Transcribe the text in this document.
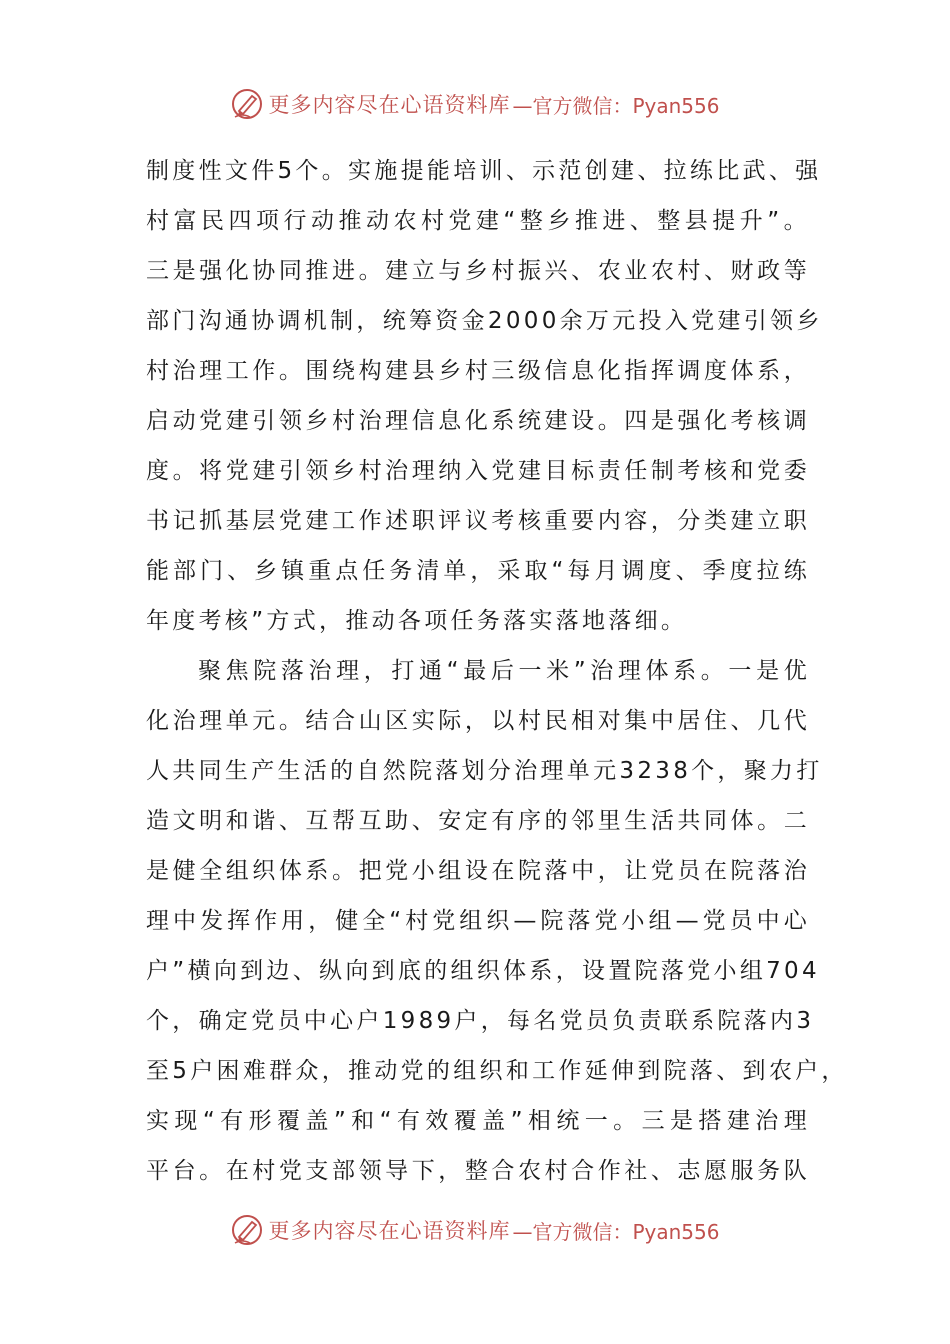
更多内容尽在心语资料库 —官方微信：Pyan556
制度性文件5个。实施提能培训、示范创建、拉练比武、强
村富民四项行动推动农村党建“整乡推进、整县提升”。
三是强化协同推进。建立与乡村振兴、农业农村、财政等
部门沟通协调机制，统筹资金2000余万元投入党建引领乡
村治理工作。围绕构建县乡村三级信息化指挥调度体系，
启动党建引领乡村治理信息化系统建设。四是强化考核调
度。将党建引领乡村治理纳入党建目标责任制考核和党委
书记抓基层党建工作述职评议考核重要内容，分类建立职
能部门、乡镇重点任务清单，采取“每月调度、季度拉练
年度考核”方式，推动各项任务落实落地落细。
聚焦院落治理，打通“最后一米”治理体系。一是优
化治理单元。结合山区实际，以村民相对集中居住、几代
人共同生产生活的自然院落划分治理单元3238个，聚力打
造文明和谐、互帮互助、安定有序的邻里生活共同体。二
是健全组织体系。把党小组设在院落中，让党员在院落治
理中发挥作用，健全“村党组织—院落党小组—党员中心
户”横向到边、纵向到底的组织体系，设置院落党小组704
个，确定党员中心户1989户，每名党员负责联系院落内3
至5户困难群众，推动党的组织和工作延伸到院落、到农户，
实现“有形覆盖”和“有效覆盖”相统一。三是搭建治理
平台。在村党支部领导下，整合农村合作社、志愿服务队
更多内容尽在心语资料库 —官方微信：Pyan556
